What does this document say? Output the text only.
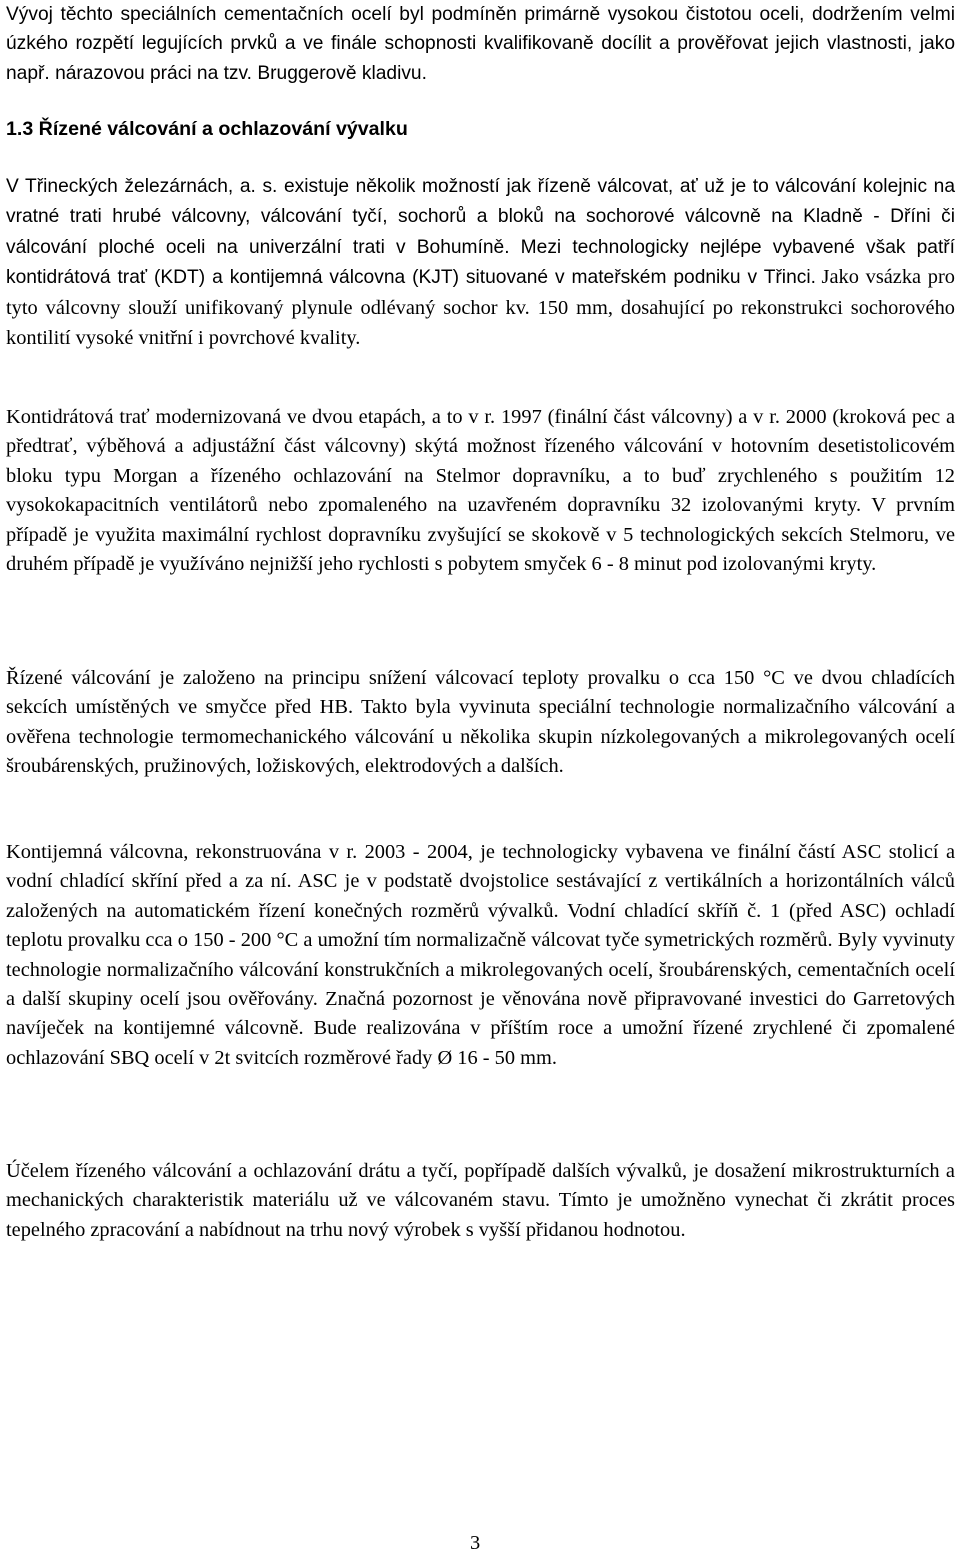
Vývoj těchto speciálních cementačních ocelí byl podmíněn primárně vysokou čistotou oceli, dodržením velmi úzkého rozpětí legujících prvků a ve finále schopnosti kvalifikovaně docílit a prověřovat jejich vlastnosti, jako např. nárazovou práci na tzv. Bruggerově kladivu.

1.3 Řízené válcování a ochlazování vývalku

V Třineckých železárnách, a. s. existuje několik možností jak řízeně válcovat, ať už je to válcování kolejnic na vratné trati hrubé válcovny, válcování tyčí, sochorů a bloků na sochorové válcovně na Kladně - Dříni či válcování ploché oceli na univerzální trati v Bohumíně. Mezi technologicky nejlépe vybavené však patří kontidrátová trať (KDT) a kontijemná válcovna (KJT) situované v mateřském podniku v Třinci. Jako vsázka pro tyto válcovny slouží unifikovaný plynule odlévaný sochor kv. 150 mm, dosahující po rekonstrukci sochorového kontilití vysoké vnitřní i povrchové kvality.

Kontidrátová trať modernizovaná ve dvou etapách, a to v r. 1997 (finální část válcovny) a v r. 2000 (kroková pec a předtrať, výběhová a adjustážní část válcovny) skýtá možnost řízeného válcování v hotovním desetistolicovém bloku typu Morgan a řízeného ochlazování na Stelmor dopravníku, a to buď zrychleného s použitím 12 vysokokapacitních ventilátorů nebo zpomaleného na uzavřeném dopravníku 32 izolovanými kryty. V prvním případě je využita maximální rychlost dopravníku zvyšující se skokově v 5 technologických sekcích Stelmoru, ve druhém případě je využíváno nejnižší jeho rychlosti s pobytem smyček 6 - 8 minut pod izolovanými kryty.

Řízené válcování je založeno na principu snížení válcovací teploty provalku o cca 150 °C ve dvou chladících sekcích umístěných ve smyčce před HB. Takto byla vyvinuta speciální technologie normalizačního válcování a ověřena technologie termomechanického válcování u několika skupin nízkolegovaných a mikrolegovaných ocelí šroubárenských, pružinových, ložiskových, elektrodových a dalších.

Kontijemná válcovna, rekonstruována v r. 2003 - 2004, je technologicky vybavena ve finální částí ASC stolicí a vodní chladící skříní před a za ní. ASC je v podstatě dvojstolice sestávající z vertikálních a horizontálních válců založených na automatickém řízení konečných rozměrů vývalků. Vodní chladící skříň č. 1 (před ASC) ochladí teplotu provalku cca o 150 - 200 °C a umožní tím normalizačně válcovat tyče symetrických rozměrů. Byly vyvinuty technologie normalizačního válcování konstrukčních a mikrolegovaných ocelí, šroubárenských, cementačních ocelí a další skupiny ocelí jsou ověřovány. Značná pozornost je věnována nově připravované investici do Garretových navíječek na kontijemné válcovně. Bude realizována v příštím roce a umožní řízené zrychlené či zpomalené ochlazování SBQ ocelí v 2t svitcích rozměrové řady Ø 16 - 50 mm.

Účelem řízeného válcování a ochlazování drátu a tyčí, popřípadě dalších vývalků, je dosažení mikrostrukturních a mechanických charakteristik materiálu už ve válcovaném stavu. Tímto je umožněno vynechat či zkrátit proces tepelného zpracování a nabídnout na trhu nový výrobek s vyšší přidanou hodnotou.

3
